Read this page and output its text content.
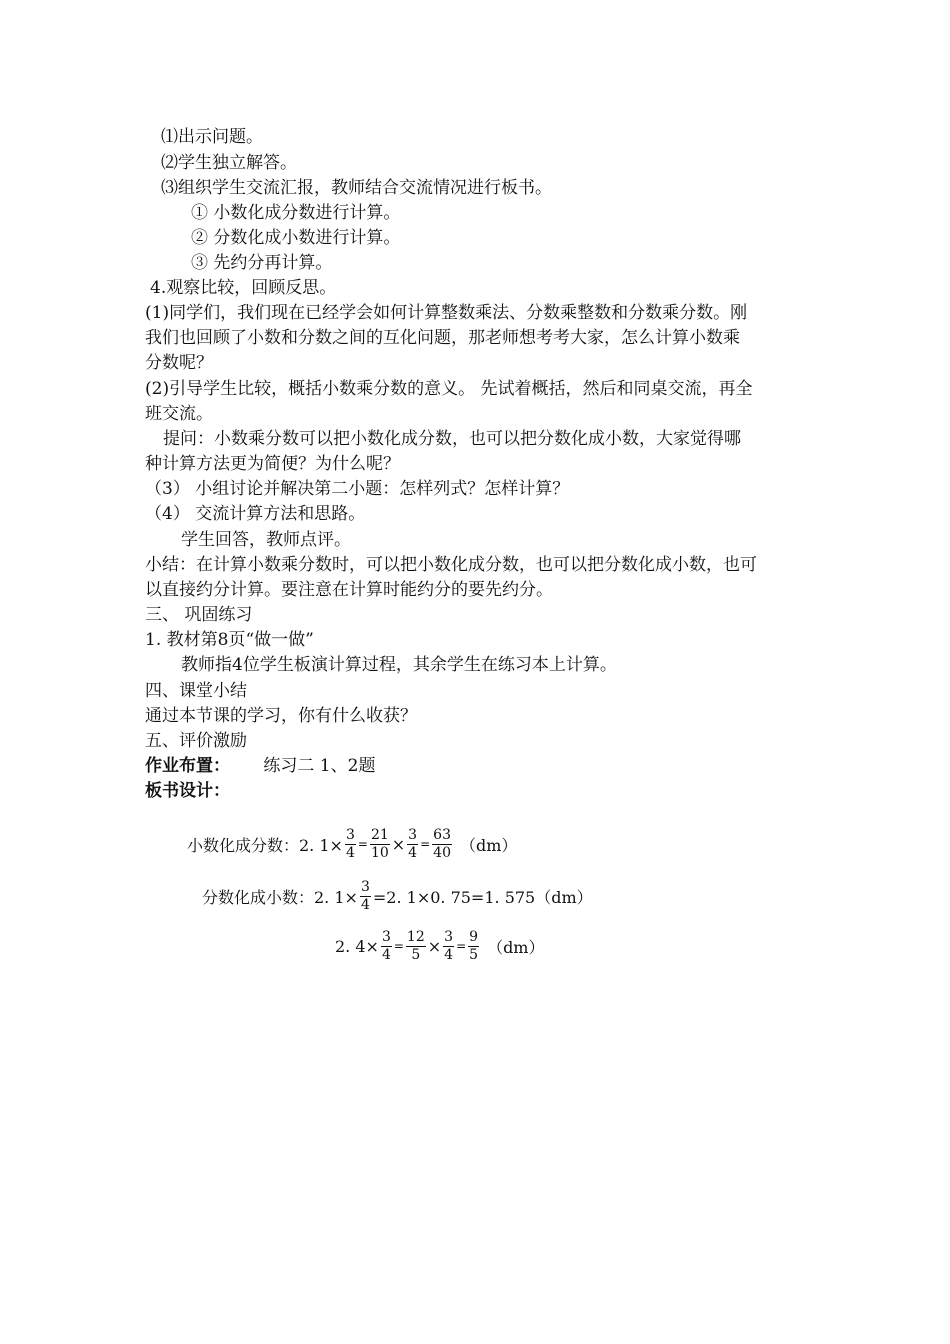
⑴出示问题。
⑵学生独立解答。
⑶组织学生交流汇报，教师结合交流情况进行板书。
① 小数化成分数进行计算。
② 分数化成小数进行计算。
③ 先约分再计算。
4.观察比较，回顾反思。
(1)同学们，我们现在已经学会如何计算整数乘法、分数乘整数和分数乘分数。刚
我们也回顾了小数和分数之间的互化问题，那老师想考考大家，怎么计算小数乘
分数呢？
(2)引导学生比较，概括小数乘分数的意义。 先试着概括，然后和同桌交流，再全
班交流。
提问：小数乘分数可以把小数化成分数，也可以把分数化成小数，大家觉得哪
种计算方法更为简便？为什么呢？
（3） 小组讨论并解决第二小题：怎样列式？怎样计算？
（4） 交流计算方法和思路。
学生回答，教师点评。
小结：在计算小数乘分数时，可以把小数化成分数，也可以把分数化成小数，也可
以直接约分计算。要注意在计算时能约分的要先约分。
三、 巩固练习
1. 教材第8页“做一做”
教师指4位学生板演计算过程，其余学生在练习本上计算。
四、课堂小结
通过本节课的学习，你有什么收获？
五、评价激励
作业布置： 练习二 1、2题
板书设计：
小数化成分数：2. $1\times \frac{3}{4} = \frac{21}{10} \times \frac{3}{4} = \frac{63}{40} (dm)$
分数化成小数：2. $1\times \frac{3}{4} =2$. 1×0. 75=1. 575（dm）
2. $4\times \frac{3}{4} = \frac{12}{5} \times \frac{3}{4} = \frac{9}{5} (dm)$
